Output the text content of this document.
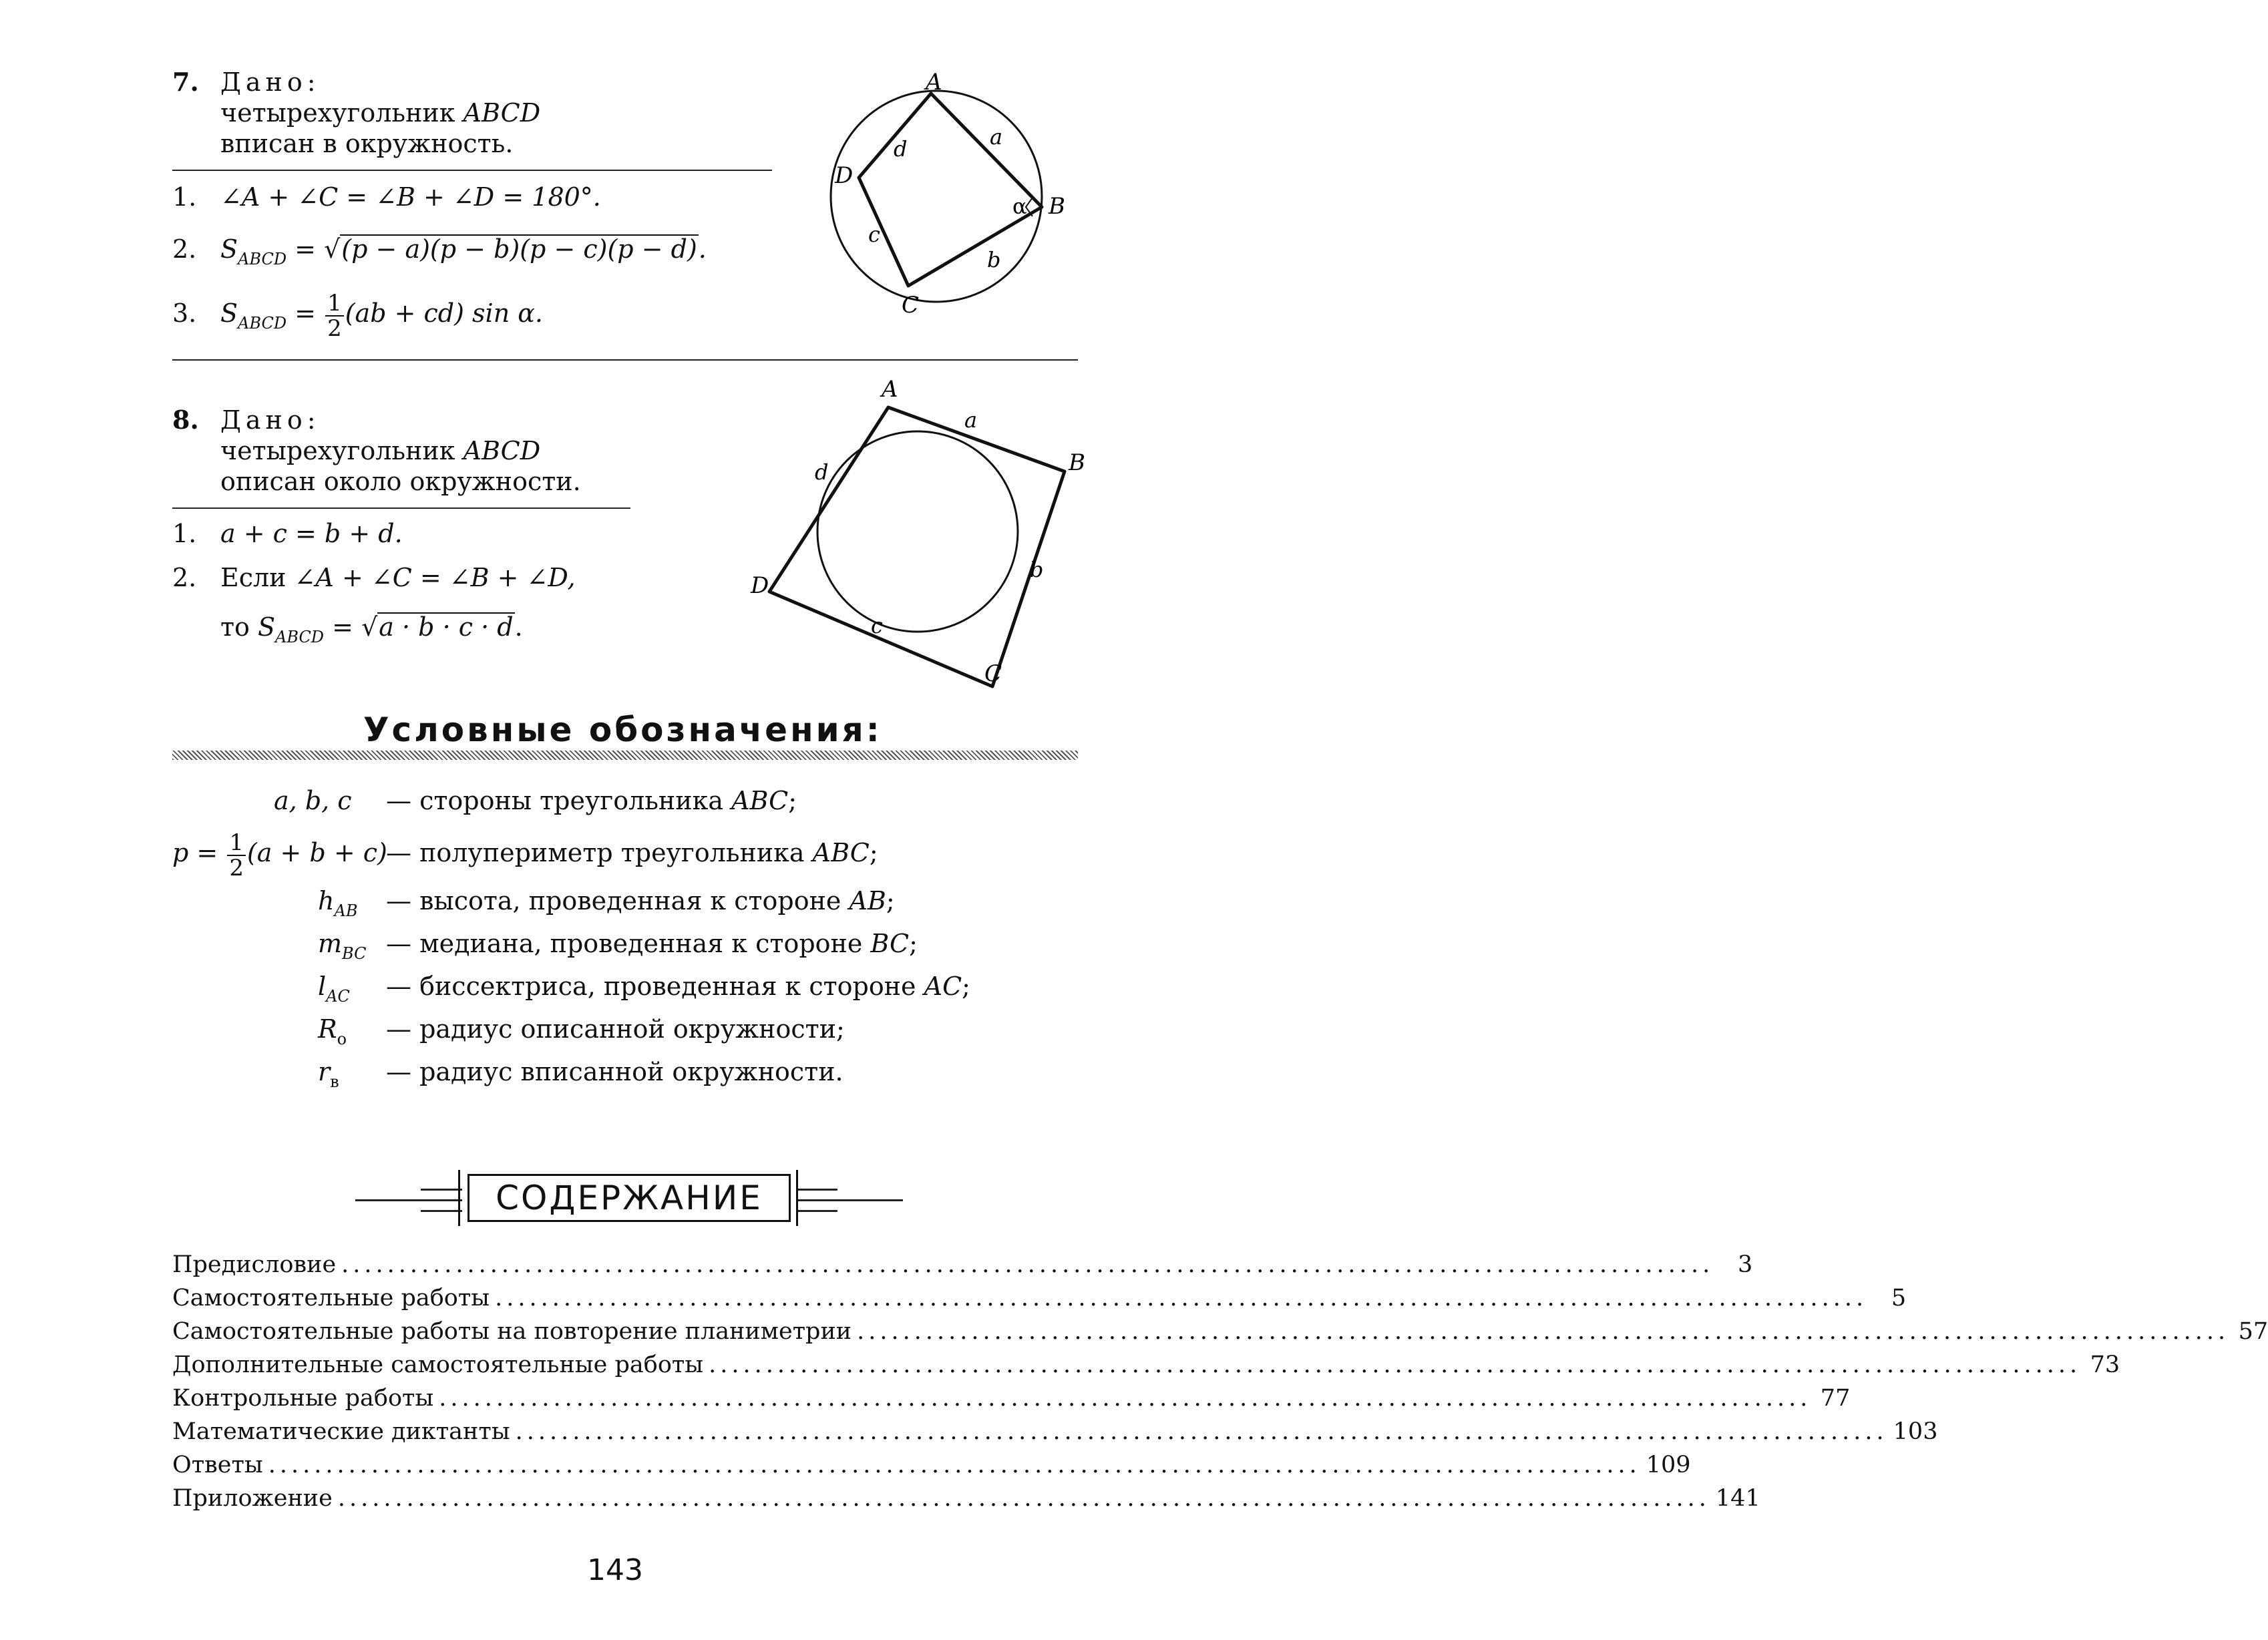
7. Дано:
четырехугольник ABCD
вписан в окружность.
1. ∠A + ∠C = ∠B + ∠D = 180°.
2. $S_{ABCD} = √(p - a)(p - b)(p - c)(p - d)$.
3. $S_{ABCD} = \frac{1}{2} (ab + cd)$ sin α.
A
B
C
D
a
b
c
d
α
8. Дано:
четырехугольник ABCD
описан около окружности.
1. a + c = b + d.
2. Если ∠A + ∠C = ∠B + ∠D,
то $S_{ABCD} = √a \cdot b \cdot c \cdot d$.
A
B
C
D
a
b
c
d
Условные обозначения:
a, b, c — стороны треугольника ABC;
$p = \frac{1}{2} (a + b + c)$
— полупериметр треугольника ABC;
$h_{AB}$ — высота, проведенная к стороне AB;
$m_{BC}$ — медиана, проведенная к стороне BC;
$l_{AC}$ — биссектриса, проведенная к стороне AC;
$R_о$ — радиус описанной окружности;
$r_в$ — радиус вписанной окружности.
СОДЕРЖАНИЕ
Предисловие ........................................................................................................................	3
Самостоятельные работы ........................................................................................................................	5
Самостоятельные работы на повторение планиметрии ........................................................................................................................ 57
Дополнительные самостоятельные работы ........................................................................................................................ 73
Контрольные работы ........................................................................................................................ 77
Математические диктанты ........................................................................................................................ 103
Ответы ........................................................................................................................ 109
Приложение ........................................................................................................................ 141
143
